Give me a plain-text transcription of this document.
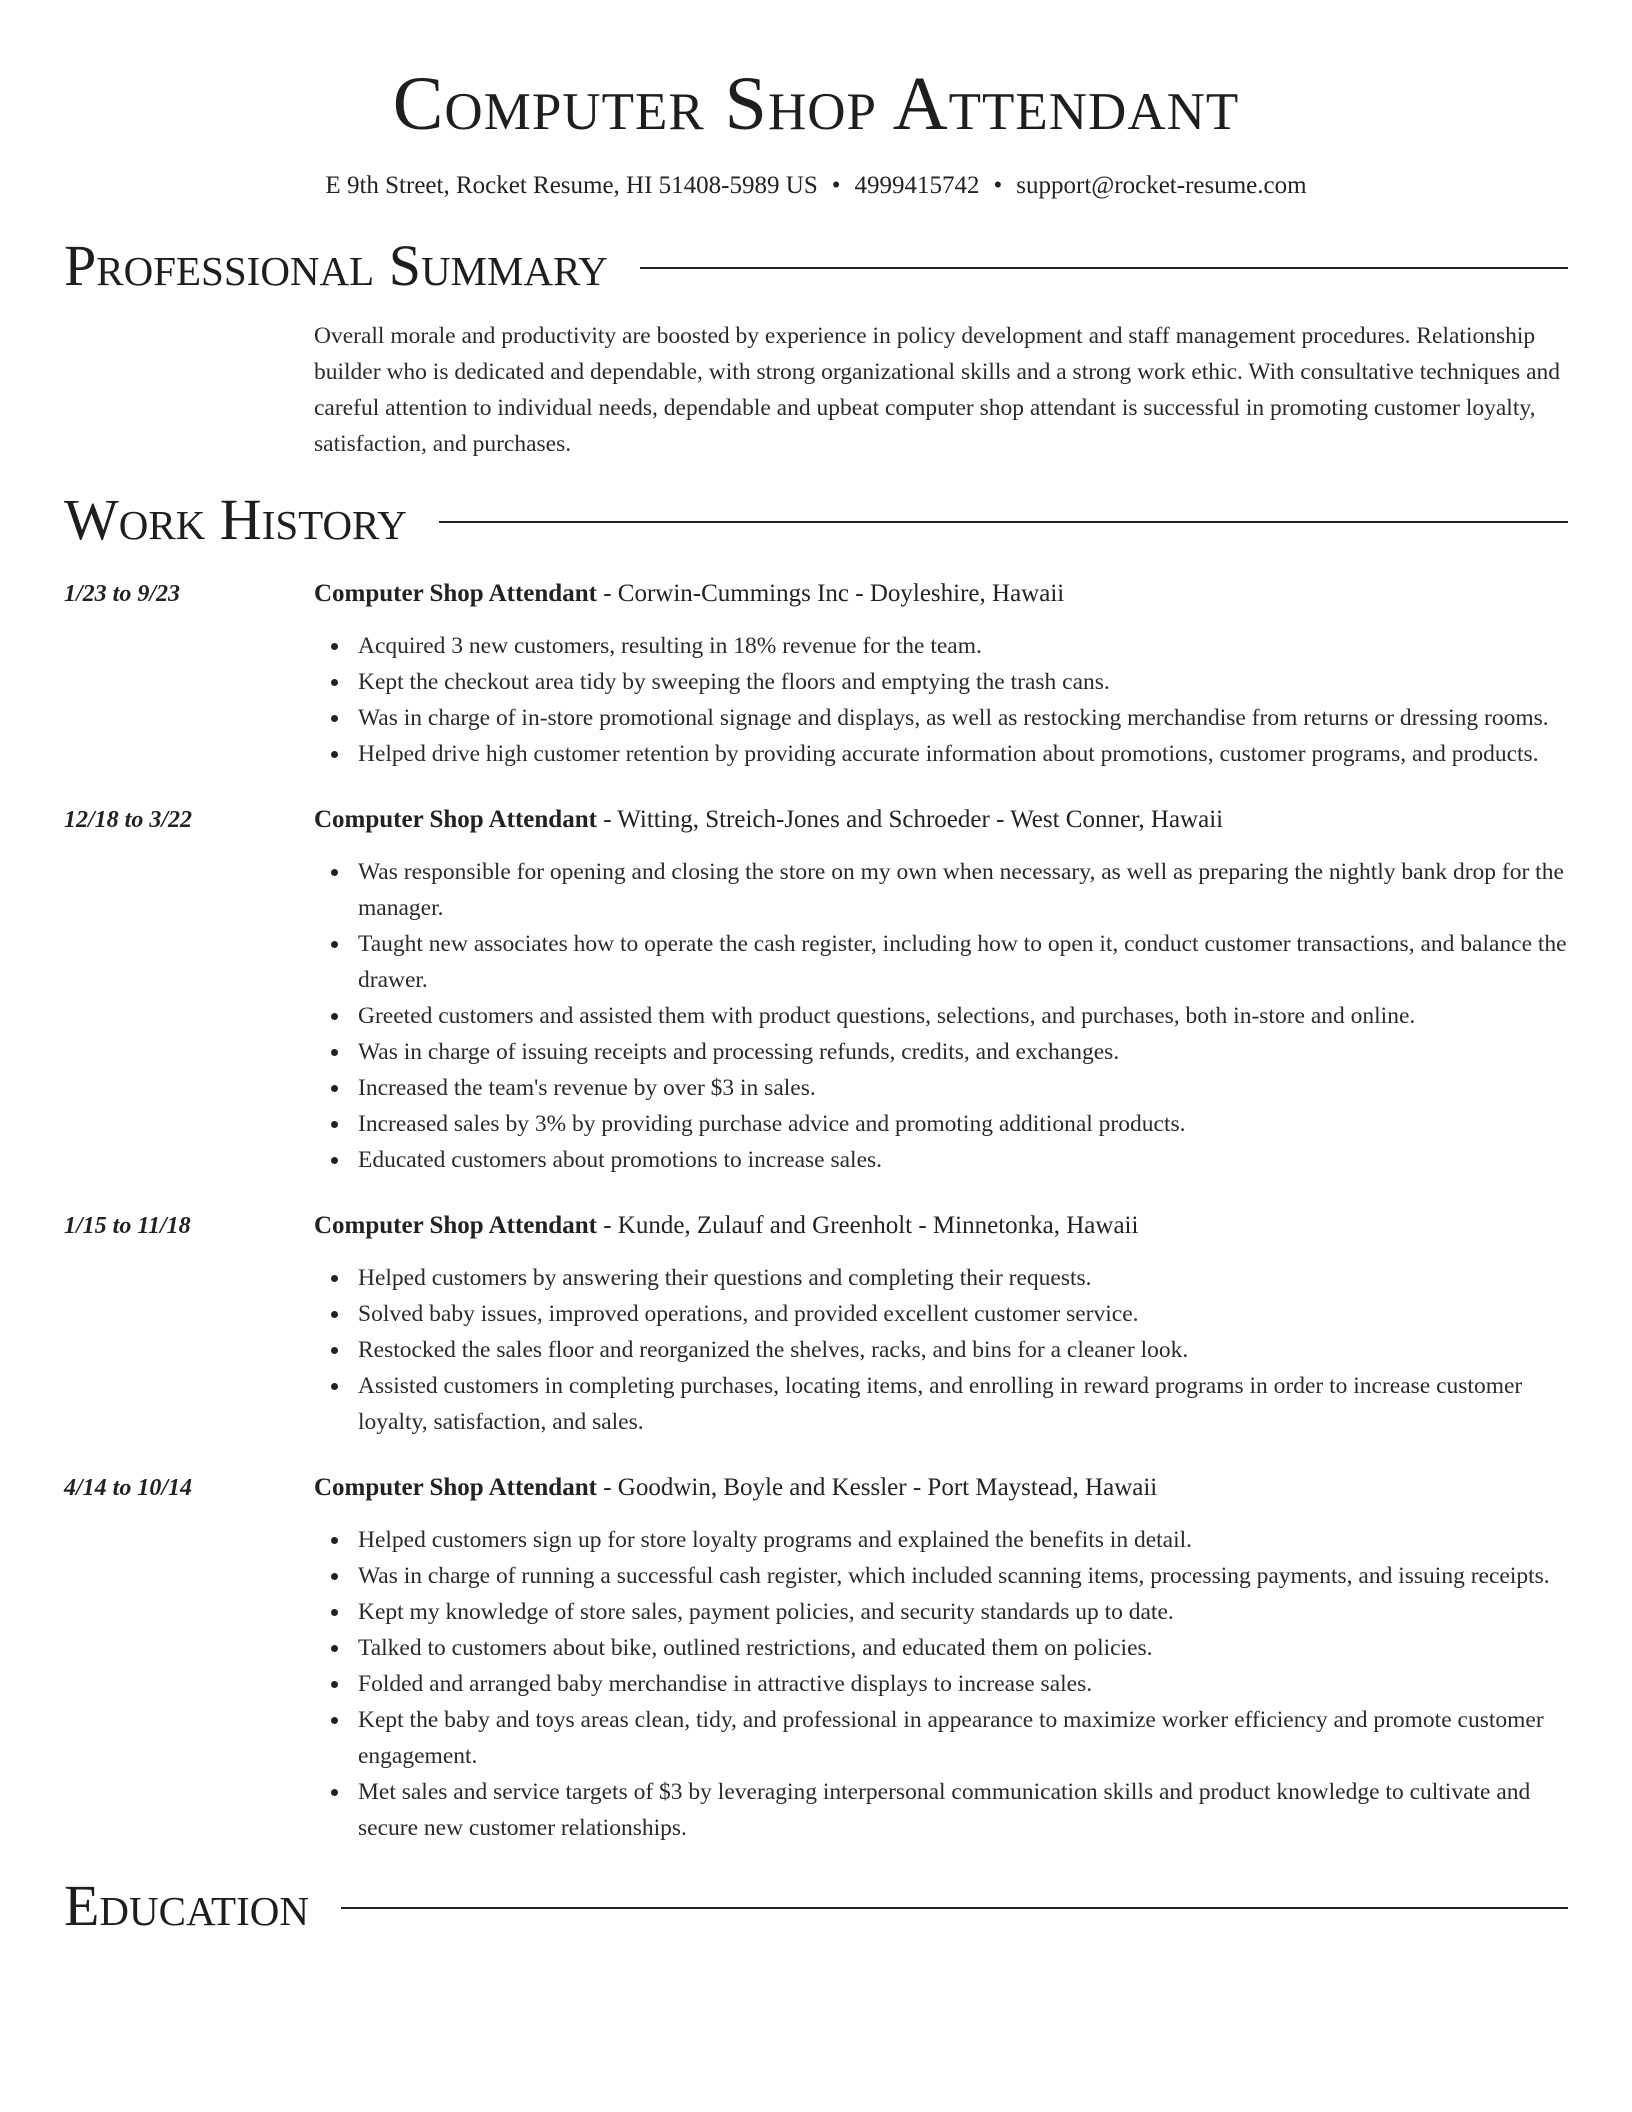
Computer Shop Attendant
E 9th Street, Rocket Resume, HI 51408-5989 US • 4999415742 • support@rocket-resume.com
Professional Summary

Overall morale and productivity are boosted by experience in policy development and staff management procedures. Relationship builder who is dedicated and dependable, with strong organizational skills and a strong work ethic. With consultative techniques and careful attention to individual needs, dependable and upbeat computer shop attendant is successful in promoting customer loyalty, satisfaction, and purchases.

Work History
1/23 to 9/23	Computer Shop Attendant - Corwin-Cummings Inc - Doyleshire, Hawaii
Acquired 3 new customers, resulting in 18% revenue for the team.
Kept the checkout area tidy by sweeping the floors and emptying the trash cans.
Was in charge of in-store promotional signage and displays, as well as restocking merchandise from returns or dressing rooms.
Helped drive high customer retention by providing accurate information about promotions, customer programs, and products.
12/18 to 3/22	Computer Shop Attendant - Witting, Streich-Jones and Schroeder - West Conner, Hawaii
Was responsible for opening and closing the store on my own when necessary, as well as preparing the nightly bank drop for the manager.
Taught new associates how to operate the cash register, including how to open it, conduct customer transactions, and balance the drawer.
Greeted customers and assisted them with product questions, selections, and purchases, both in-store and online.
Was in charge of issuing receipts and processing refunds, credits, and exchanges.
Increased the team's revenue by over $3 in sales.
Increased sales by 3% by providing purchase advice and promoting additional products.
Educated customers about promotions to increase sales.
1/15 to 11/18	Computer Shop Attendant - Kunde, Zulauf and Greenholt - Minnetonka, Hawaii
Helped customers by answering their questions and completing their requests.
Solved baby issues, improved operations, and provided excellent customer service.
Restocked the sales floor and reorganized the shelves, racks, and bins for a cleaner look.
Assisted customers in completing purchases, locating items, and enrolling in reward programs in order to increase customer loyalty, satisfaction, and sales.
4/14 to 10/14	Computer Shop Attendant - Goodwin, Boyle and Kessler - Port Maystead, Hawaii
Helped customers sign up for store loyalty programs and explained the benefits in detail.
Was in charge of running a successful cash register, which included scanning items, processing payments, and issuing receipts.
Kept my knowledge of store sales, payment policies, and security standards up to date.
Talked to customers about bike, outlined restrictions, and educated them on policies.
Folded and arranged baby merchandise in attractive displays to increase sales.
Kept the baby and toys areas clean, tidy, and professional in appearance to maximize worker efficiency and promote customer engagement.
Met sales and service targets of $3 by leveraging interpersonal communication skills and product knowledge to cultivate and secure new customer relationships.
Education
